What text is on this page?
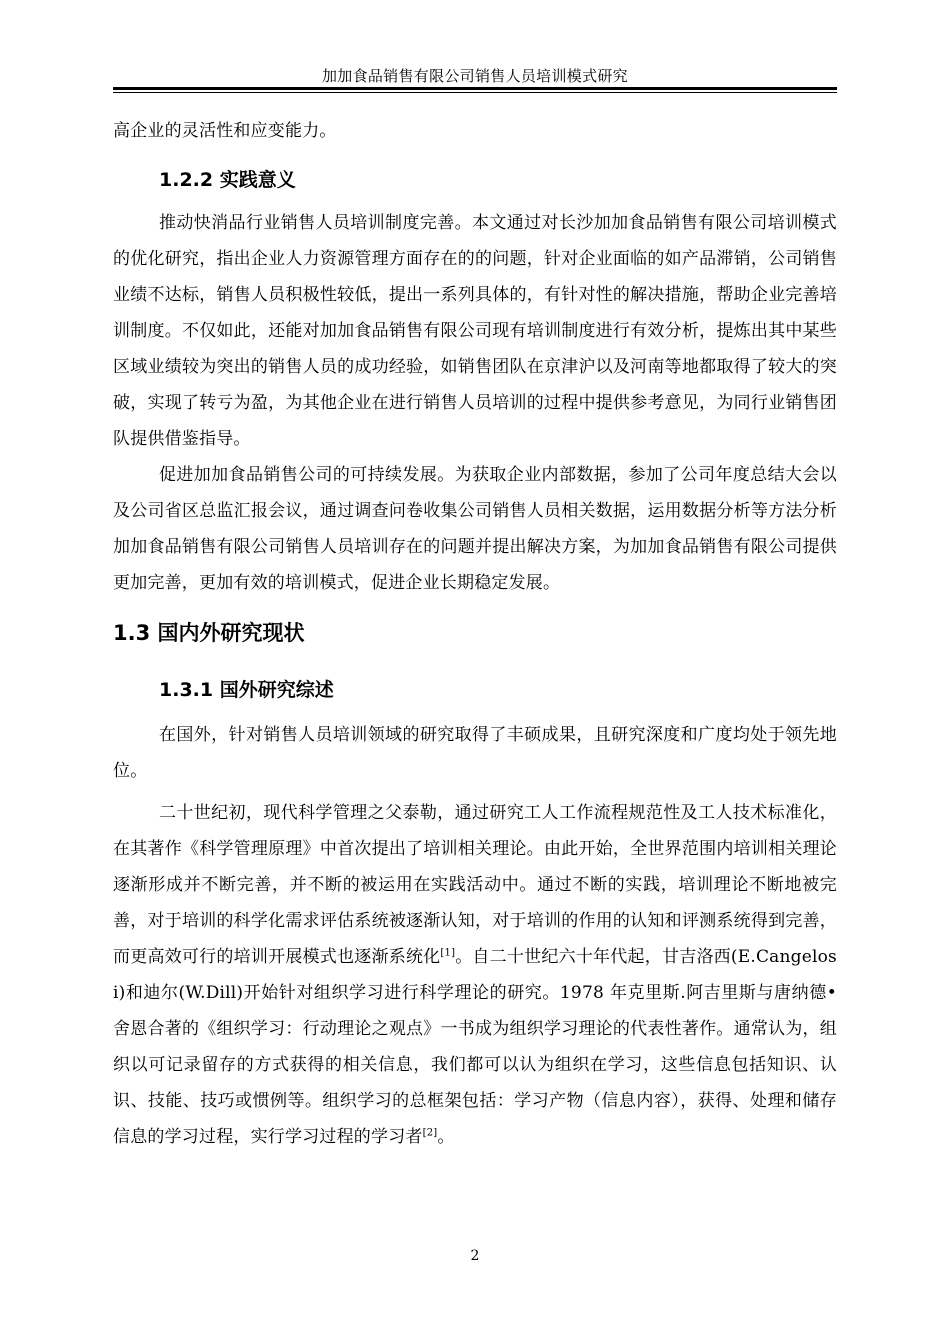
加加食品销售有限公司销售人员培训模式研究

高企业的灵活性和应变能力。

1.2.2 实践意义

推动快消品行业销售人员培训制度完善。本文通过对长沙加加食品销售有限公司培训模式的优化研究，指出企业人力资源管理方面存在的的问题，针对企业面临的如产品滞销，公司销售业绩不达标，销售人员积极性较低，提出一系列具体的，有针对性的解决措施，帮助企业完善培训制度。不仅如此，还能对加加食品销售有限公司现有培训制度进行有效分析，提炼出其中某些区域业绩较为突出的销售人员的成功经验，如销售团队在京津沪以及河南等地都取得了较大的突破，实现了转亏为盈，为其他企业在进行销售人员培训的过程中提供参考意见，为同行业销售团队提供借鉴指导。

促进加加食品销售公司的可持续发展。为获取企业内部数据，参加了公司年度总结大会以及公司省区总监汇报会议，通过调查问卷收集公司销售人员相关数据，运用数据分析等方法分析加加食品销售有限公司销售人员培训存在的问题并提出解决方案，为加加食品销售有限公司提供更加完善，更加有效的培训模式，促进企业长期稳定发展。

1.3 国内外研究现状
1.3.1 国外研究综述

在国外，针对销售人员培训领域的研究取得了丰硕成果，且研究深度和广度均处于领先地位。

二十世纪初，现代科学管理之父泰勒，通过研究工人工作流程规范性及工人技术标准化，在其著作《科学管理原理》中首次提出了培训相关理论。由此开始，全世界范围内培训相关理论逐渐形成并不断完善，并不断的被运用在实践活动中。通过不断的实践，培训理论不断地被完善，对于培训的科学化需求评估系统被逐渐认知，对于培训的作用的认知和评测系统得到完善，而更高效可行的培训开展模式也逐渐系统化[1]。自二十世纪六十年代起，甘吉洛西(E.Cangelosi)和迪尔(W.Dill)开始针对组织学习进行科学理论的研究。1978 年克里斯.阿吉里斯与唐纳德•舍恩合著的《组织学习：行动理论之观点》一书成为组织学习理论的代表性著作。通常认为，组织以可记录留存的方式获得的相关信息，我们都可以认为组织在学习，这些信息包括知识、认识、技能、技巧或惯例等。组织学习的总框架包括：学习产物（信息内容），获得、处理和储存信息的学习过程，实行学习过程的学习者[2]。

2
